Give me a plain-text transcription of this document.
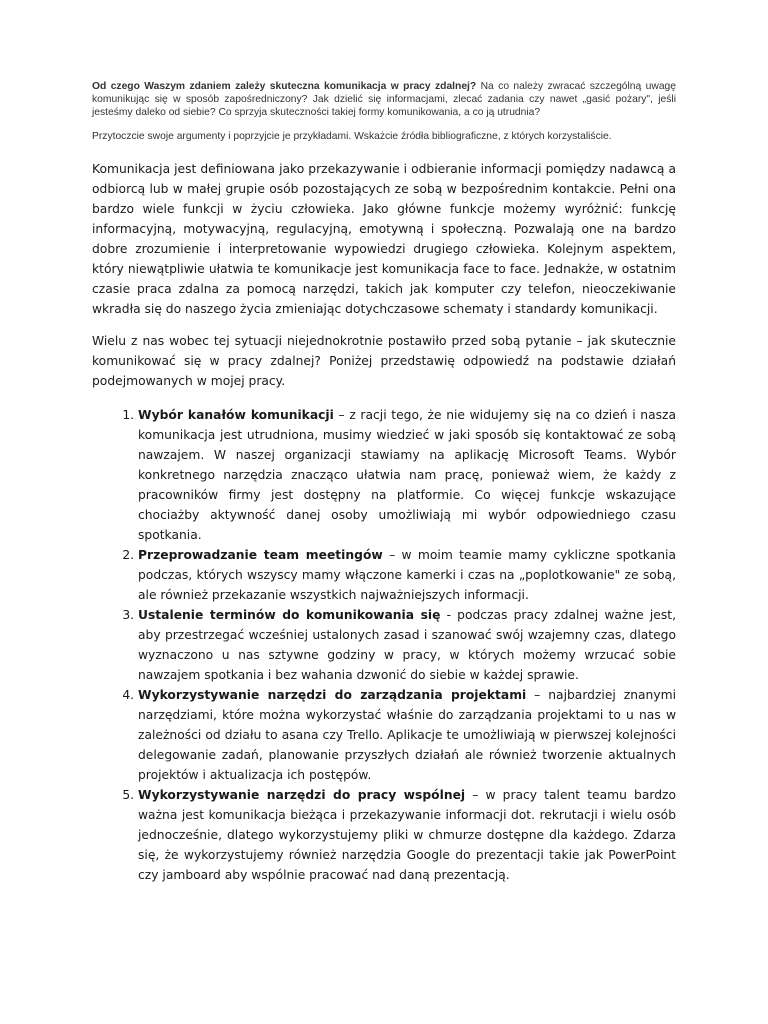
Od czego Waszym zdaniem zależy skuteczna komunikacja w pracy zdalnej? Na co należy zwracać szczególną uwagę komunikując się w sposób zapośredniczony? Jak dzielić się informacjami, zlecać zadania czy nawet „gasić pożary", jeśli jesteśmy daleko od siebie? Co sprzyja skuteczności takiej formy komunikowania, a co ją utrudnia?
Przytoczcie swoje argumenty i poprzyjcie je przykładami. Wskażcie źródła bibliograficzne, z których korzystaliście.

Komunikacja jest definiowana jako przekazywanie i odbieranie informacji pomiędzy nadawcą a odbiorcą lub w małej grupie osób pozostających ze sobą w bezpośrednim kontakcie. Pełni ona bardzo wiele funkcji w życiu człowieka. Jako główne funkcje możemy wyróżnić: funkcję informacyjną, motywacyjną, regulacyjną, emotywną i społeczną. Pozwalają one na bardzo dobre zrozumienie i interpretowanie wypowiedzi drugiego człowieka. Kolejnym aspektem, który niewątpliwie ułatwia te komunikacje jest komunikacja face to face. Jednakże, w ostatnim czasie praca zdalna za pomocą narzędzi, takich jak komputer czy telefon, nieoczekiwanie wkradła się do naszego życia zmieniając dotychczasowe schematy i standardy komunikacji.

Wielu z nas wobec tej sytuacji niejednokrotnie postawiło przed sobą pytanie – jak skutecznie komunikować się w pracy zdalnej? Poniżej przedstawię odpowiedź na podstawie działań podejmowanych w mojej pracy.

1. Wybór kanałów komunikacji – z racji tego, że nie widujemy się na co dzień i nasza komunikacja jest utrudniona, musimy wiedzieć w jaki sposób się kontaktować ze sobą nawzajem. W naszej organizacji stawiamy na aplikację Microsoft Teams. Wybór konkretnego narzędzia znacząco ułatwia nam pracę, ponieważ wiem, że każdy z pracowników firmy jest dostępny na platformie. Co więcej funkcje wskazujące chociażby aktywność danej osoby umożliwiają mi wybór odpowiedniego czasu spotkania.
2. Przeprowadzanie team meetingów – w moim teamie mamy cykliczne spotkania podczas, których wszyscy mamy włączone kamerki i czas na „poplotkowanie" ze sobą, ale również przekazanie wszystkich najważniejszych informacji.
3. Ustalenie terminów do komunikowania się - podczas pracy zdalnej ważne jest, aby przestrzegać wcześniej ustalonych zasad i szanować swój wzajemny czas, dlatego wyznaczono u nas sztywne godziny w pracy, w których możemy wrzucać sobie nawzajem spotkania i bez wahania dzwonić do siebie w każdej sprawie.
4. Wykorzystywanie narzędzi do zarządzania projektami – najbardziej znanymi narzędziami, które można wykorzystać właśnie do zarządzania projektami to u nas w zależności od działu to asana czy Trello. Aplikacje te umożliwiają w pierwszej kolejności delegowanie zadań, planowanie przyszłych działań ale również tworzenie aktualnych projektów i aktualizacja ich postępów.
5. Wykorzystywanie narzędzi do pracy wspólnej – w pracy talent teamu bardzo ważna jest komunikacja bieżąca i przekazywanie informacji dot. rekrutacji i wielu osób jednocześnie, dlatego wykorzystujemy pliki w chmurze dostępne dla każdego. Zdarza się, że wykorzystujemy również narzędzia Google do prezentacji takie jak PowerPoint czy jamboard aby wspólnie pracować nad daną prezentacją.
